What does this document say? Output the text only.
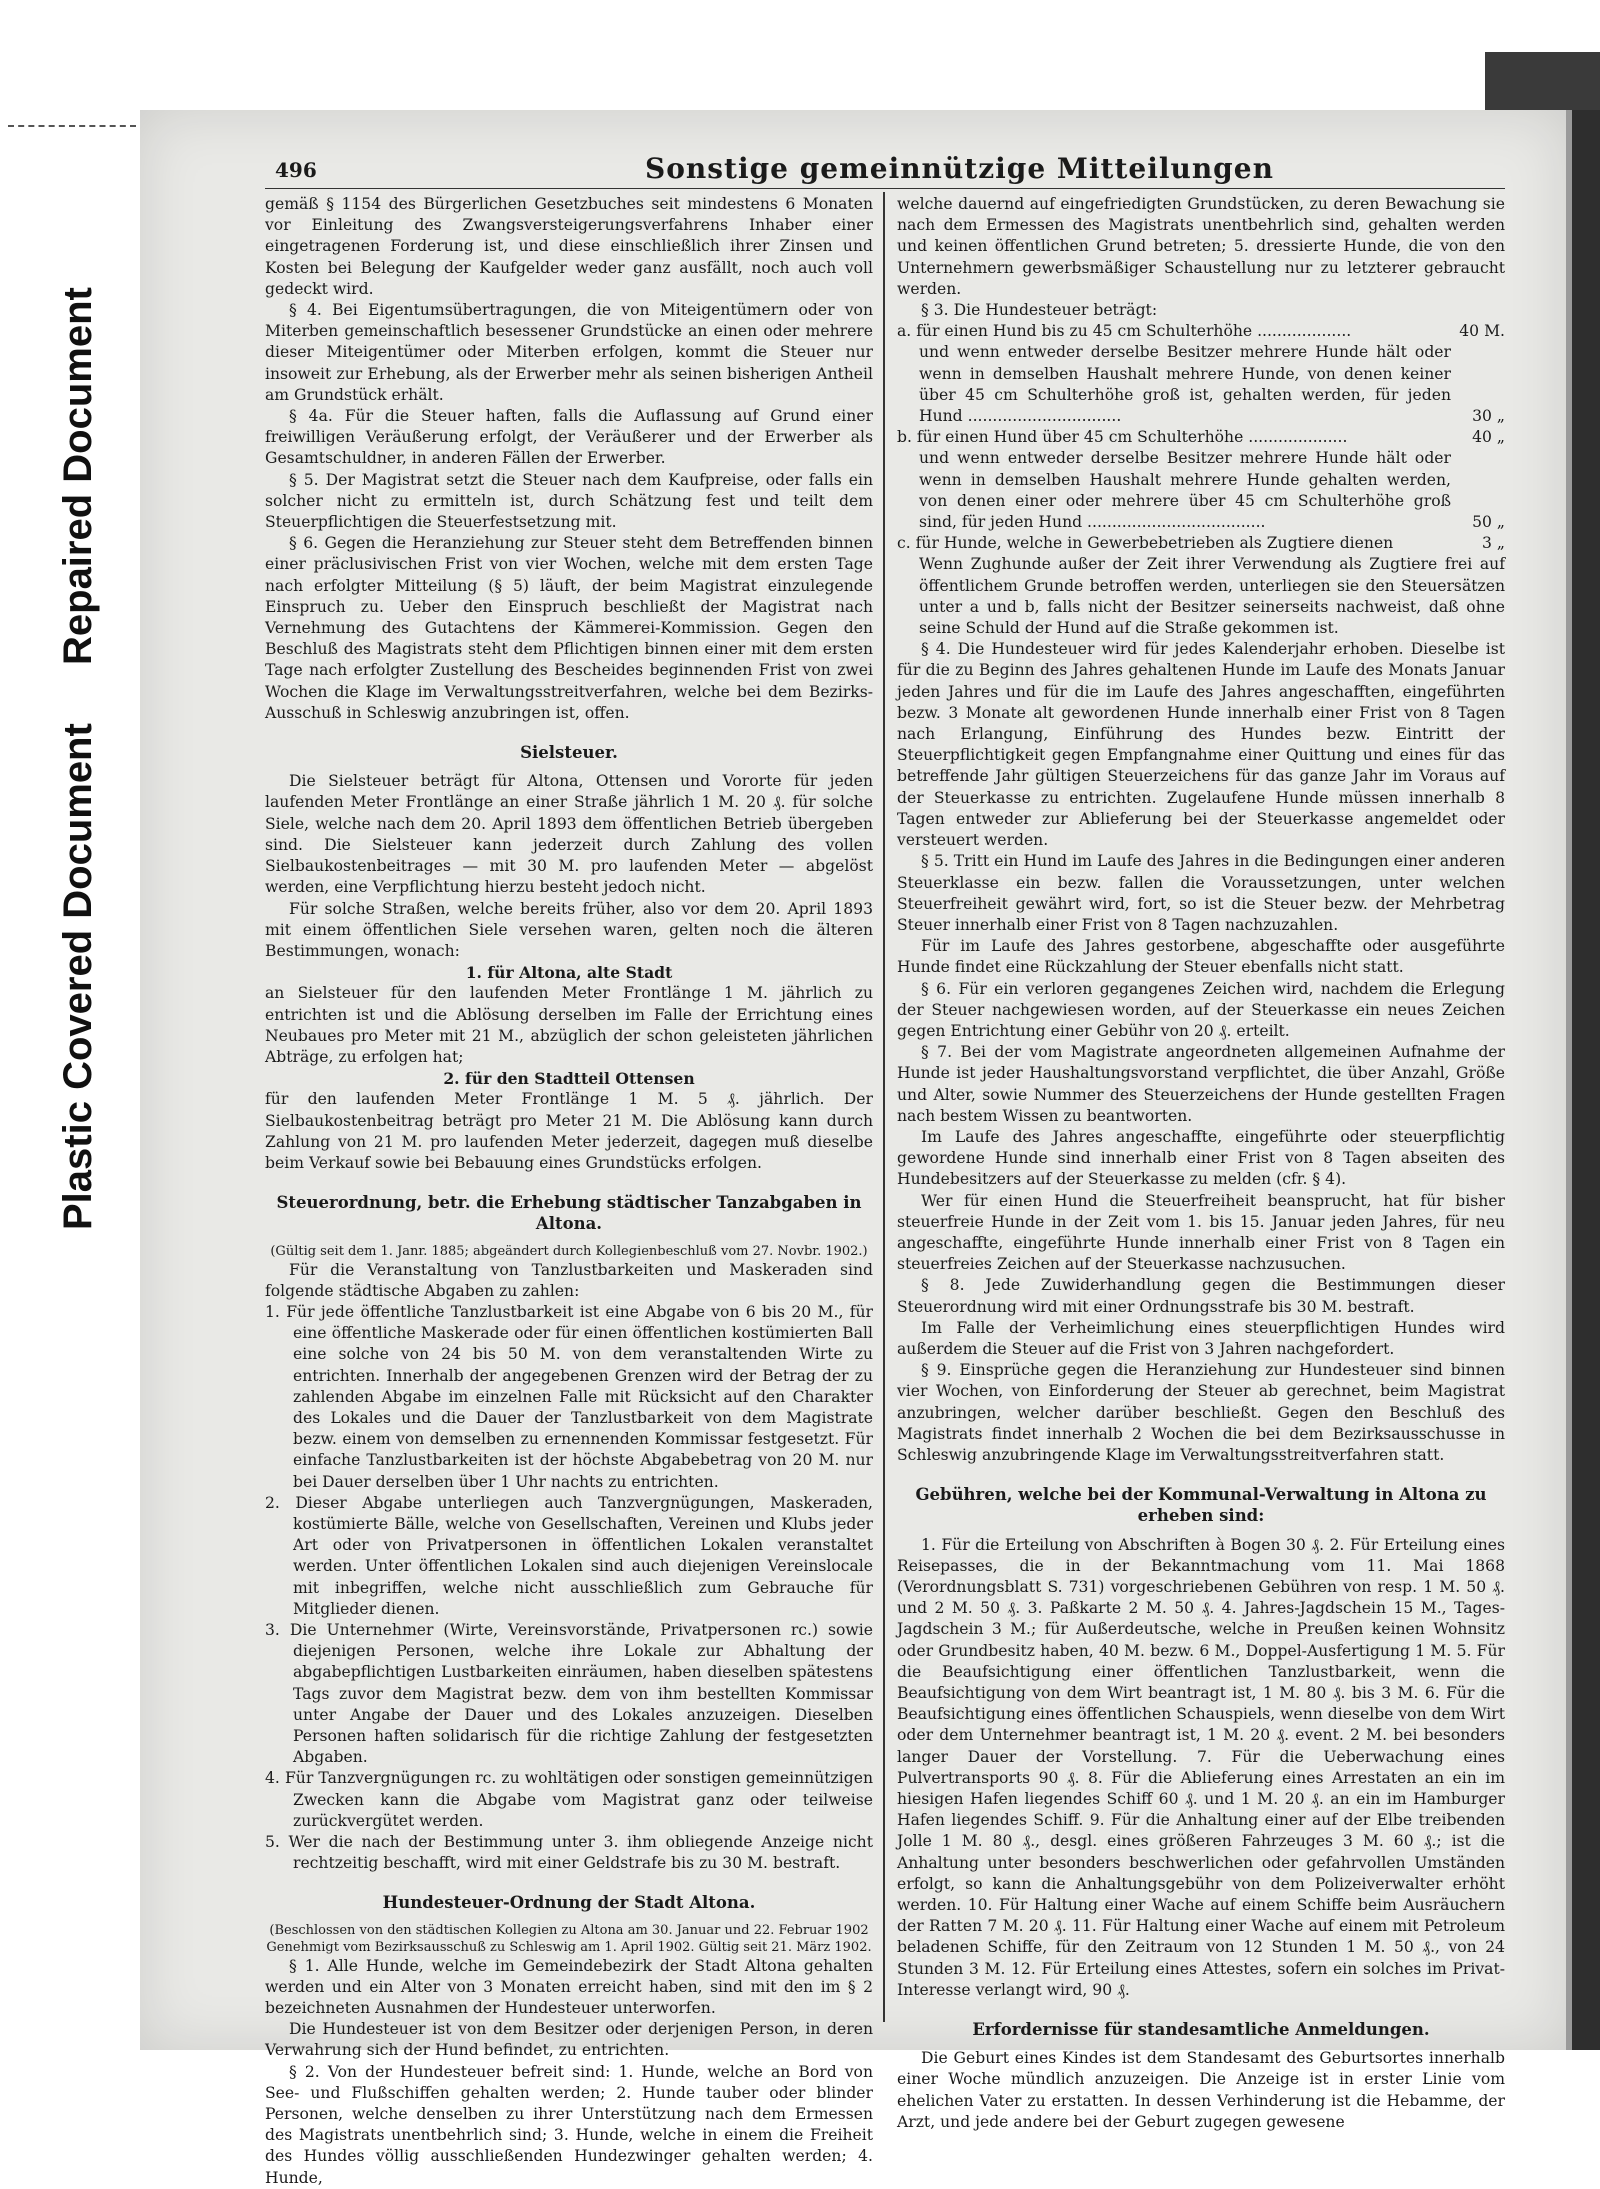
Repaired Document
Plastic Covered Document
496	Sonstige gemeinnützige Mitteilungen

gemäß § 1154 des Bürgerlichen Gesetzbuches seit mindestens 6 Monaten vor Einleitung des Zwangsversteigerungsverfahrens Inhaber einer eingetragenen Forderung ist, und diese einschließlich ihrer Zinsen und Kosten bei Belegung der Kaufgelder weder ganz ausfällt, noch auch voll gedeckt wird.

§ 4. Bei Eigentumsübertragungen, die von Miteigentümern oder von Miterben gemeinschaftlich besessener Grundstücke an einen oder mehrere dieser Miteigentümer oder Miterben erfolgen, kommt die Steuer nur insoweit zur Erhebung, als der Erwerber mehr als seinen bisherigen Antheil am Grundstück erhält.

§ 4a. Für die Steuer haften, falls die Auflassung auf Grund einer freiwilligen Veräußerung erfolgt, der Veräußerer und der Erwerber als Gesamtschuldner, in anderen Fällen der Erwerber.

§ 5. Der Magistrat setzt die Steuer nach dem Kaufpreise, oder falls ein solcher nicht zu ermitteln ist, durch Schätzung fest und teilt dem Steuerpflichtigen die Steuerfestsetzung mit.

§ 6. Gegen die Heranziehung zur Steuer steht dem Betreffenden binnen einer präclusivischen Frist von vier Wochen, welche mit dem ersten Tage nach erfolgter Mitteilung (§ 5) läuft, der beim Magistrat einzulegende Einspruch zu. Ueber den Einspruch beschließt der Magistrat nach Vernehmung des Gutachtens der Kämmerei-Kommission. Gegen den Beschluß des Magistrats steht dem Pflichtigen binnen einer mit dem ersten Tage nach erfolgter Zustellung des Bescheides beginnenden Frist von zwei Wochen die Klage im Verwaltungsstreitverfahren, welche bei dem Bezirks-Ausschuß in Schleswig anzubringen ist, offen.

Sielsteuer.

Die Sielsteuer beträgt für Altona, Ottensen und Vororte für jeden laufenden Meter Frontlänge an einer Straße jährlich 1 M. 20 ₰. für solche Siele, welche nach dem 20. April 1893 dem öffentlichen Betrieb übergeben sind. Die Sielsteuer kann jederzeit durch Zahlung des vollen Sielbaukostenbeitrages — mit 30 M. pro laufenden Meter — abgelöst werden, eine Verpflichtung hierzu besteht jedoch nicht.

Für solche Straßen, welche bereits früher, also vor dem 20. April 1893 mit einem öffentlichen Siele versehen waren, gelten noch die älteren Bestimmungen, wonach:

1. für Altona, alte Stadt

an Sielsteuer für den laufenden Meter Frontlänge 1 M. jährlich zu entrichten ist und die Ablösung derselben im Falle der Errichtung eines Neubaues pro Meter mit 21 M., abzüglich der schon geleisteten jährlichen Abträge, zu erfolgen hat;

2. für den Stadtteil Ottensen

für den laufenden Meter Frontlänge 1 M. 5 ₰. jährlich. Der Sielbaukostenbeitrag beträgt pro Meter 21 M. Die Ablösung kann durch Zahlung von 21 M. pro laufenden Meter jederzeit, dagegen muß dieselbe beim Verkauf sowie bei Bebauung eines Grundstücks erfolgen.

Steuerordnung, betr. die Erhebung städtischer Tanzabgaben in Altona.

(Gültig seit dem 1. Janr. 1885; abgeändert durch Kollegienbeschluß vom 27. Novbr. 1902.)

Für die Veranstaltung von Tanzlustbarkeiten und Maskeraden sind folgende städtische Abgaben zu zahlen:

1. Für jede öffentliche Tanzlustbarkeit ist eine Abgabe von 6 bis 20 M., für eine öffentliche Maskerade oder für einen öffentlichen kostümierten Ball eine solche von 24 bis 50 M. von dem veranstaltenden Wirte zu entrichten. Innerhalb der angegebenen Grenzen wird der Betrag der zu zahlenden Abgabe im einzelnen Falle mit Rücksicht auf den Charakter des Lokales und die Dauer der Tanzlustbarkeit von dem Magistrate bezw. einem von demselben zu ernennenden Kommissar festgesetzt. Für einfache Tanzlustbarkeiten ist der höchste Abgabebetrag von 20 M. nur bei Dauer derselben über 1 Uhr nachts zu entrichten.

2. Dieser Abgabe unterliegen auch Tanzvergnügungen, Maskeraden, kostümierte Bälle, welche von Gesellschaften, Vereinen und Klubs jeder Art oder von Privatpersonen in öffentlichen Lokalen veranstaltet werden. Unter öffentlichen Lokalen sind auch diejenigen Vereinslocale mit inbegriffen, welche nicht ausschließlich zum Gebrauche für Mitglieder dienen.

3. Die Unternehmer (Wirte, Vereinsvorstände, Privatpersonen rc.) sowie diejenigen Personen, welche ihre Lokale zur Abhaltung der abgabepflichtigen Lustbarkeiten einräumen, haben dieselben spätestens Tags zuvor dem Magistrat bezw. dem von ihm bestellten Kommissar unter Angabe der Dauer und des Lokales anzuzeigen. Dieselben Personen haften solidarisch für die richtige Zahlung der festgesetzten Abgaben.

4. Für Tanzvergnügungen rc. zu wohltätigen oder sonstigen gemeinnützigen Zwecken kann die Abgabe vom Magistrat ganz oder teilweise zurückvergütet werden.

5. Wer die nach der Bestimmung unter 3. ihm obliegende Anzeige nicht rechtzeitig beschafft, wird mit einer Geldstrafe bis zu 30 M. bestraft.

Hundesteuer-Ordnung der Stadt Altona.

(Beschlossen von den städtischen Kollegien zu Altona am 30. Januar und 22. Februar 1902

Genehmigt vom Bezirksausschuß zu Schleswig am 1. April 1902. Gültig seit 21. März 1902.

§ 1. Alle Hunde, welche im Gemeindebezirk der Stadt Altona gehalten werden und ein Alter von 3 Monaten erreicht haben, sind mit den im § 2 bezeichneten Ausnahmen der Hundesteuer unterworfen.

Die Hundesteuer ist von dem Besitzer oder derjenigen Person, in deren Verwahrung sich der Hund befindet, zu entrichten.

§ 2. Von der Hundesteuer befreit sind: 1. Hunde, welche an Bord von See- und Flußschiffen gehalten werden; 2. Hunde tauber oder blinder Personen, welche denselben zu ihrer Unterstützung nach dem Ermessen des Magistrats unentbehrlich sind; 3. Hunde, welche in einem die Freiheit des Hundes völlig ausschließenden Hundezwinger gehalten werden; 4. Hunde,

welche dauernd auf eingefriedigten Grundstücken, zu deren Bewachung sie nach dem Ermessen des Magistrats unentbehrlich sind, gehalten werden und keinen öffentlichen Grund betreten; 5. dressierte Hunde, die von den Unternehmern gewerbsmäßiger Schaustellung nur zu letzterer gebraucht werden.

§ 3. Die Hundesteuer beträgt:

a. für einen Hund bis zu 45 cm Schulterhöhe ...................	40 M.
und wenn entweder derselbe Besitzer mehrere Hunde hält oder wenn in demselben Haushalt mehrere Hunde, von denen keiner über 45 cm Schulterhöhe groß ist, gehalten werden, für jeden Hund ...............................	30 „
b. für einen Hund über 45 cm Schulterhöhe ....................	40 „
und wenn entweder derselbe Besitzer mehrere Hunde hält oder wenn in demselben Haushalt mehrere Hunde gehalten werden, von denen einer oder mehrere über 45 cm Schulterhöhe groß sind, für jeden Hund ....................................	50 „
c. für Hunde, welche in Gewerbebetrieben als Zugtiere dienen	3 „

Wenn Zughunde außer der Zeit ihrer Verwendung als Zugtiere frei auf öffentlichem Grunde betroffen werden, unterliegen sie den Steuersätzen unter a und b, falls nicht der Besitzer seinerseits nachweist, daß ohne seine Schuld der Hund auf die Straße gekommen ist.

§ 4. Die Hundesteuer wird für jedes Kalenderjahr erhoben. Dieselbe ist für die zu Beginn des Jahres gehaltenen Hunde im Laufe des Monats Januar jeden Jahres und für die im Laufe des Jahres angeschafften, eingeführten bezw. 3 Monate alt gewordenen Hunde innerhalb einer Frist von 8 Tagen nach Erlangung, Einführung des Hundes bezw. Eintritt der Steuerpflichtigkeit gegen Empfangnahme einer Quittung und eines für das betreffende Jahr gültigen Steuerzeichens für das ganze Jahr im Voraus auf der Steuerkasse zu entrichten. Zugelaufene Hunde müssen innerhalb 8 Tagen entweder zur Ablieferung bei der Steuerkasse angemeldet oder versteuert werden.

§ 5. Tritt ein Hund im Laufe des Jahres in die Bedingungen einer anderen Steuerklasse ein bezw. fallen die Voraussetzungen, unter welchen Steuerfreiheit gewährt wird, fort, so ist die Steuer bezw. der Mehrbetrag Steuer innerhalb einer Frist von 8 Tagen nachzuzahlen.

Für im Laufe des Jahres gestorbene, abgeschaffte oder ausgeführte Hunde findet eine Rückzahlung der Steuer ebenfalls nicht statt.

§ 6. Für ein verloren gegangenes Zeichen wird, nachdem die Erlegung der Steuer nachgewiesen worden, auf der Steuerkasse ein neues Zeichen gegen Entrichtung einer Gebühr von 20 ₰. erteilt.

§ 7. Bei der vom Magistrate angeordneten allgemeinen Aufnahme der Hunde ist jeder Haushaltungsvorstand verpflichtet, die über Anzahl, Größe und Alter, sowie Nummer des Steuerzeichens der Hunde gestellten Fragen nach bestem Wissen zu beantworten.

Im Laufe des Jahres angeschaffte, eingeführte oder steuerpflichtig gewordene Hunde sind innerhalb einer Frist von 8 Tagen abseiten des Hundebesitzers auf der Steuerkasse zu melden (cfr. § 4).

Wer für einen Hund die Steuerfreiheit beansprucht, hat für bisher steuerfreie Hunde in der Zeit vom 1. bis 15. Januar jeden Jahres, für neu angeschaffte, eingeführte Hunde innerhalb einer Frist von 8 Tagen ein steuerfreies Zeichen auf der Steuerkasse nachzusuchen.

§ 8. Jede Zuwiderhandlung gegen die Bestimmungen dieser Steuerordnung wird mit einer Ordnungsstrafe bis 30 M. bestraft.

Im Falle der Verheimlichung eines steuerpflichtigen Hundes wird außerdem die Steuer auf die Frist von 3 Jahren nachgefordert.

§ 9. Einsprüche gegen die Heranziehung zur Hundesteuer sind binnen vier Wochen, von Einforderung der Steuer ab gerechnet, beim Magistrat anzubringen, welcher darüber beschließt. Gegen den Beschluß des Magistrats findet innerhalb 2 Wochen die bei dem Bezirksausschusse in Schleswig anzubringende Klage im Verwaltungsstreitverfahren statt.

Gebühren, welche bei der Kommunal-Verwaltung in Altona zu erheben sind:

1. Für die Erteilung von Abschriften à Bogen 30 ₰. 2. Für Erteilung eines Reisepasses, die in der Bekanntmachung vom 11. Mai 1868 (Verordnungsblatt S. 731) vorgeschriebenen Gebühren von resp. 1 M. 50 ₰. und 2 M. 50 ₰. 3. Paßkarte 2 M. 50 ₰. 4. Jahres-Jagdschein 15 M., Tages-Jagdschein 3 M.; für Außerdeutsche, welche in Preußen keinen Wohnsitz oder Grundbesitz haben, 40 M. bezw. 6 M., Doppel-Ausfertigung 1 M. 5. Für die Beaufsichtigung einer öffentlichen Tanzlustbarkeit, wenn die Beaufsichtigung von dem Wirt beantragt ist, 1 M. 80 ₰. bis 3 M. 6. Für die Beaufsichtigung eines öffentlichen Schauspiels, wenn dieselbe von dem Wirt oder dem Unternehmer beantragt ist, 1 M. 20 ₰. event. 2 M. bei besonders langer Dauer der Vorstellung. 7. Für die Ueberwachung eines Pulvertransports 90 ₰. 8. Für die Ablieferung eines Arrestaten an ein im hiesigen Hafen liegendes Schiff 60 ₰. und 1 M. 20 ₰. an ein im Hamburger Hafen liegendes Schiff. 9. Für die Anhaltung einer auf der Elbe treibenden Jolle 1 M. 80 ₰., desgl. eines größeren Fahrzeuges 3 M. 60 ₰.; ist die Anhaltung unter besonders beschwerlichen oder gefahrvollen Umständen erfolgt, so kann die Anhaltungsgebühr von dem Polizeiverwalter erhöht werden. 10. Für Haltung einer Wache auf einem Schiffe beim Ausräuchern der Ratten 7 M. 20 ₰. 11. Für Haltung einer Wache auf einem mit Petroleum beladenen Schiffe, für den Zeitraum von 12 Stunden 1 M. 50 ₰., von 24 Stunden 3 M. 12. Für Erteilung eines Attestes, sofern ein solches im Privat-Interesse verlangt wird, 90 ₰.

Erfordernisse für standesamtliche Anmeldungen.

Die Geburt eines Kindes ist dem Standesamt des Geburtsortes innerhalb einer Woche mündlich anzuzeigen. Die Anzeige ist in erster Linie vom ehelichen Vater zu erstatten. In dessen Verhinderung ist die Hebamme, der Arzt, und jede andere bei der Geburt zugegen gewesene
